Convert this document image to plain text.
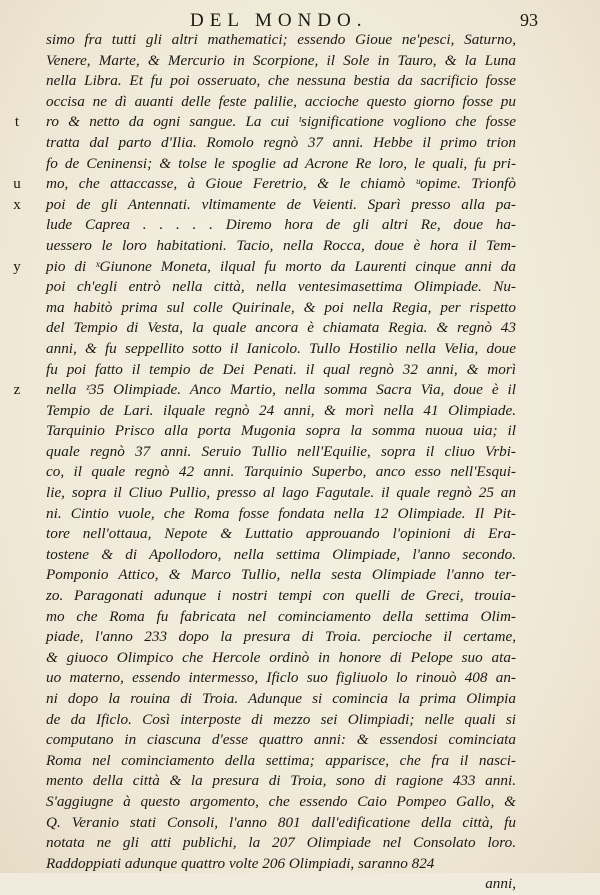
DEL MONDO.	93
simo fra tutti gli altri mathematici; essendo Gioue ne'pesci, Saturno,
Venere, Marte, & Mercurio in Scorpione, il Sole in Tauro, & la Luna
nella Libra. Et fu poi osseruato, che nessuna bestia da sacrificio fosse
occisa ne dì auanti delle feste palilie, accioche questo giorno fosse pu
t	ro & netto da ogni sangue. La cui ᵗsignificatione vogliono che fosse
tratta dal parto d'Ilia. Romolo regnò 37 anni. Hebbe il primo trion
fo de Ceninensi; & tolse le spoglie ad Acrone Re loro, le quali, fu pri-
u mo, che attaccasse, à Gioue Feretrio, & le chiamò ᵘopime. Trionfò
x poi de gli Antennati. vltimamente de Veienti. Sparì presso alla pa-
lude Caprea . . . . . Diremo hora de gli altri Re, doue ha-
uessero le loro habitationi. Tacio, nella Rocca, doue è hora il Tem-
y pio di ˣGiunone Moneta, ilqual fu morto da Laurenti cinque anni da
poi ch'egli entrò nella città, nella ventesimasettima Olimpiade. Nu-
ma habitò prima sul colle Quirinale, & poi nella Regia, per rispetto
del Tempio di Vesta, la quale ancora è chiamata Regia. & regnò 43
anni, & fu seppellito sotto il Ianicolo. Tullo Hostilio nella Velia, doue
fu poi fatto il tempio de Dei Penati. il qual regnò 32 anni, & morì
z nella ᶻ35 Olimpiade. Anco Martio, nella somma Sacra Via, doue è il
Tempio de Lari. ilquale regnò 24 anni, & morì nella 41 Olimpiade.
Tarquinio Prisco alla porta Mugonia sopra la somma nuoua uia; il
quale regnò 37 anni. Seruio Tullio nell'Equilie, sopra il cliuo Vrbi-
co, il quale regnò 42 anni. Tarquinio Superbo, anco esso nell'Esqui-
lie, sopra il Cliuo Pullio, presso al lago Fagutale. il quale regnò 25 an
ni. Cintio vuole, che Roma fosse fondata nella 12 Olimpiade. Il Pit-
tore nell'ottaua, Nepote & Luttatio approuando l'opinioni di Era-
tostene & di Apollodoro, nella settima Olimpiade, l'anno secondo.
Pomponio Attico, & Marco Tullio, nella sesta Olimpiade l'anno ter-
zo. Paragonati adunque i nostri tempi con quelli de Greci, trouia-
mo che Roma fu fabricata nel cominciamento della settima Olim-
piade, l'anno 233 dopo la presura di Troia. percioche il certame,
& giuoco Olimpico che Hercole ordinò in honore di Pelope suo ata-
uo materno, essendo intermesso, Ificlo suo figliuolo lo rinouò 408 an-
ni dopo la rouina di Troia. Adunque si comincia la prima Olimpia
de da Ificlo. Così interposte di mezzo sei Olimpiadi; nelle quali si
computano in ciascuna d'esse quattro anni: & essendosi cominciata
Roma nel cominciamento della settima; apparisce, che fra il nasci-
mento della città & la presura di Troia, sono di ragione 433 anni.
S'aggiugne à questo argomento, che essendo Caio Pompeo Gallo, &
Q. Veranio stati Consoli, l'anno 801 dall'edificatione della città, fu
notata ne gli atti publichi, la 207 Olimpiade nel Consolato loro.
Raddoppiati adunque quattro volte 206 Olimpiadi, saranno 824
anni,
